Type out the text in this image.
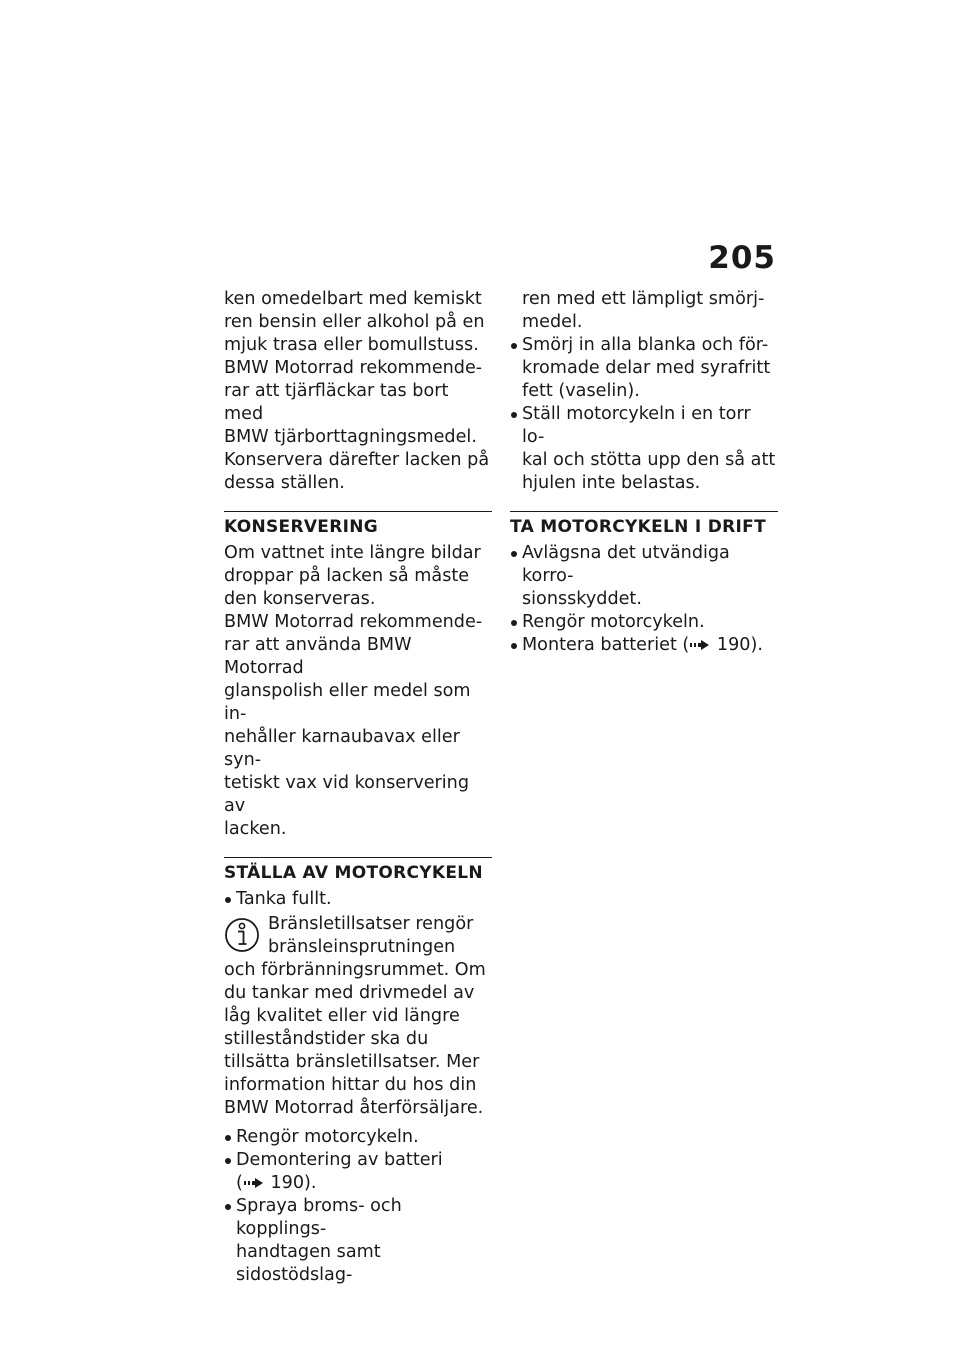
205

ken omedelbart med kemiskt
ren bensin eller alkohol på en
mjuk trasa eller bomullstuss.
BMW Motorrad rekommende-
rar att tjärfläckar tas bort med
BMW tjärborttagningsmedel.
Konservera därefter lacken på
dessa ställen.

KONSERVERING

Om vattnet inte längre bildar
droppar på lacken så måste
den konserveras.

BMW Motorrad rekommende-
rar att använda BMW Motorrad
glanspolish eller medel som in-
nehåller karnaubavax eller syn-
tetiskt vax vid konservering av
lacken.

STÄLLA AV MOTORCYKELN
Tanka fullt.
Bränsletillsatser rengör
bränsleinsprutningen
och förbränningsrummet. Om
du tankar med drivmedel av
låg kvalitet eller vid längre
stilleståndstider ska du
tillsätta bränsletillsatser. Mer
information hittar du hos din
BMW Motorrad återförsäljare.
Rengör motorcykeln.
Demontering av batteri
( 190).
Spraya broms- och kopplings-
handtagen samt sidostödslag-
ren med ett lämpligt smörj-
medel.
Smörj in alla blanka och för-
kromade delar med syrafritt
fett (vaselin).
Ställ motorcykeln i en torr lo-
kal och stötta upp den så att
hjulen inte belastas.
TA MOTORCYKELN I DRIFT
Avlägsna det utvändiga korro-
sionsskyddet.
Rengör motorcykeln.
Montera batteriet ( 190).
